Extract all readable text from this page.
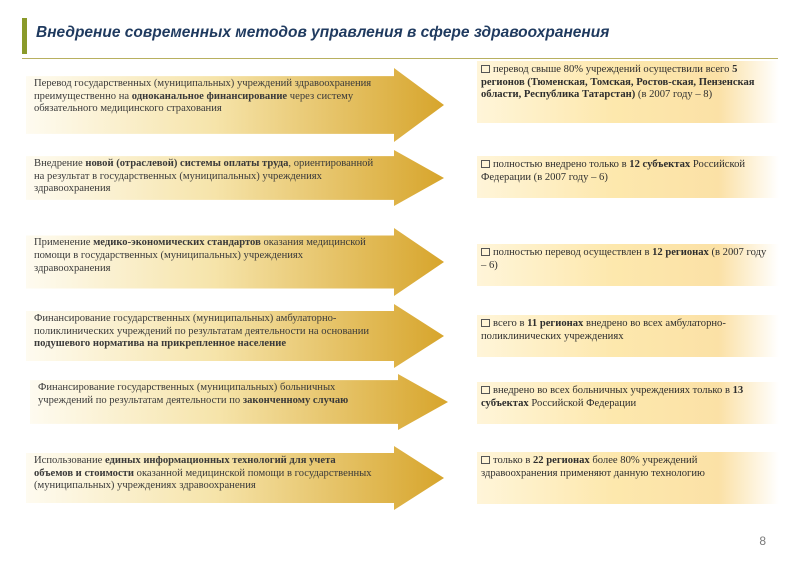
Внедрение современных методов управления в сфере здравоохранения
Перевод государственных (муниципальных) учреждений здравоохранения преимущественно на одноканальное финансирование через систему обязательного медицинского страхования
перевод свыше 80% учреждений осуществили всего 5 регионов (Тюменская, Томская, Ростов-ская, Пензенская области, Республика Татарстан) (в 2007 году – 8)
Внедрение новой (отраслевой) системы оплаты труда, ориентированной на результат в государственных (муниципальных) учреждениях здравоохранения
полностью внедрено только в 12 субъектах Российской Федерации (в 2007 году – 6)
Применение медико-экономических стандартов оказания медицинской помощи в государственных (муниципальных) учреждениях здравоохранения
полностью перевод осуществлен в 12 регионах (в 2007 году – 6)
Финансирование государственных (муниципальных) амбулаторно-поликлинических учреждений по результатам деятельности на основании подушевого норматива на прикрепленное население
всего в 11 регионах внедрено во всех амбулаторно-поликлинических учреждениях
Финансирование государственных (муниципальных) больничных учреждений по результатам деятельности по законченному случаю
внедрено во всех больничных учреждениях только в 13 субъектах Российской Федерации
Использование единых информационных технологий для учета объемов и стоимости оказанной медицинской помощи в государственных (муниципальных) учреждениях здравоохранения
только в 22 регионах более 80% учреждений здравоохранения применяют данную технологию
8
